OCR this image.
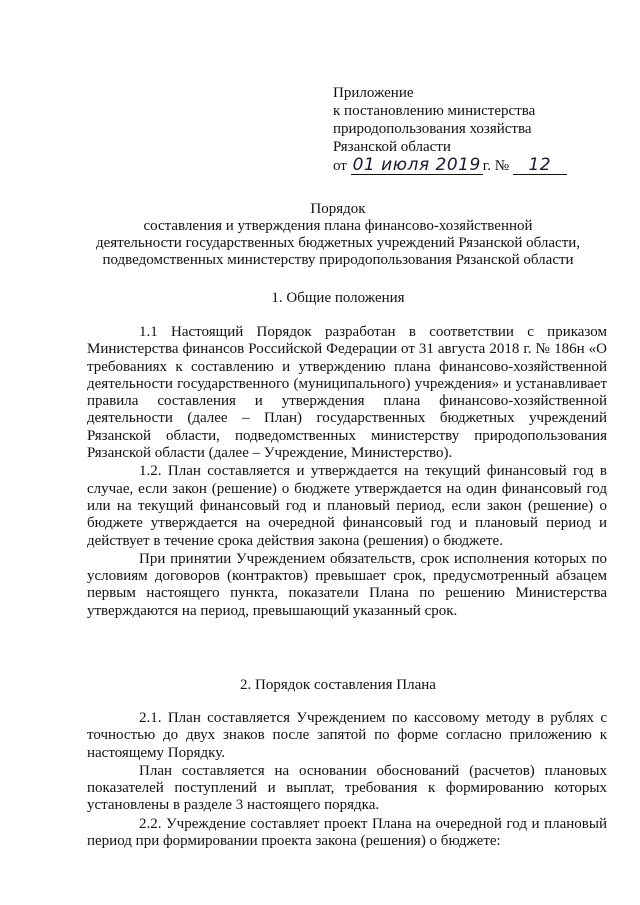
Приложение
к постановлению министерства
природопользования хозяйства
Рязанской области
от 01 июля 2019 г. № 12
Порядок
составления и утверждения плана финансово-хозяйственной
деятельности государственных бюджетных учреждений Рязанской области,
подведомственных министерству природопользования Рязанской области
1. Общие положения

1.1 Настоящий Порядок разработан в соответствии с приказом Министерства финансов Российской Федерации от 31 августа 2018 г. № 186н «О требованиях к составлению и утверждению плана финансово-хозяйственной деятельности государственного (муниципального) учреждения» и устанавливает правила составления и утверждения плана финансово-хозяйственной деятельности (далее – План) государственных бюджетных учреждений Рязанской области, подведомственных министерству природопользования Рязанской области (далее – Учреждение, Министерство).

1.2. План составляется и утверждается на текущий финансовый год в случае, если закон (решение) о бюджете утверждается на один финансовый год или на текущий финансовый год и плановый период, если закон (решение) о бюджете утверждается на очередной финансовый год и плановый период и действует в течение срока действия закона (решения) о бюджете.

При принятии Учреждением обязательств, срок исполнения которых по условиям договоров (контрактов) превышает срок, предусмотренный абзацем первым настоящего пункта, показатели Плана по решению Министерства утверждаются на период, превышающий указанный срок.

2. Порядок составления Плана

2.1. План составляется Учреждением по кассовому методу в рублях с точностью до двух знаков после запятой по форме согласно приложению к настоящему Порядку.

План составляется на основании обоснований (расчетов) плановых показателей поступлений и выплат, требования к формированию которых установлены в разделе 3 настоящего порядка.

2.2. Учреждение составляет проект Плана на очередной год и плановый период при формировании проекта закона (решения) о бюджете:
